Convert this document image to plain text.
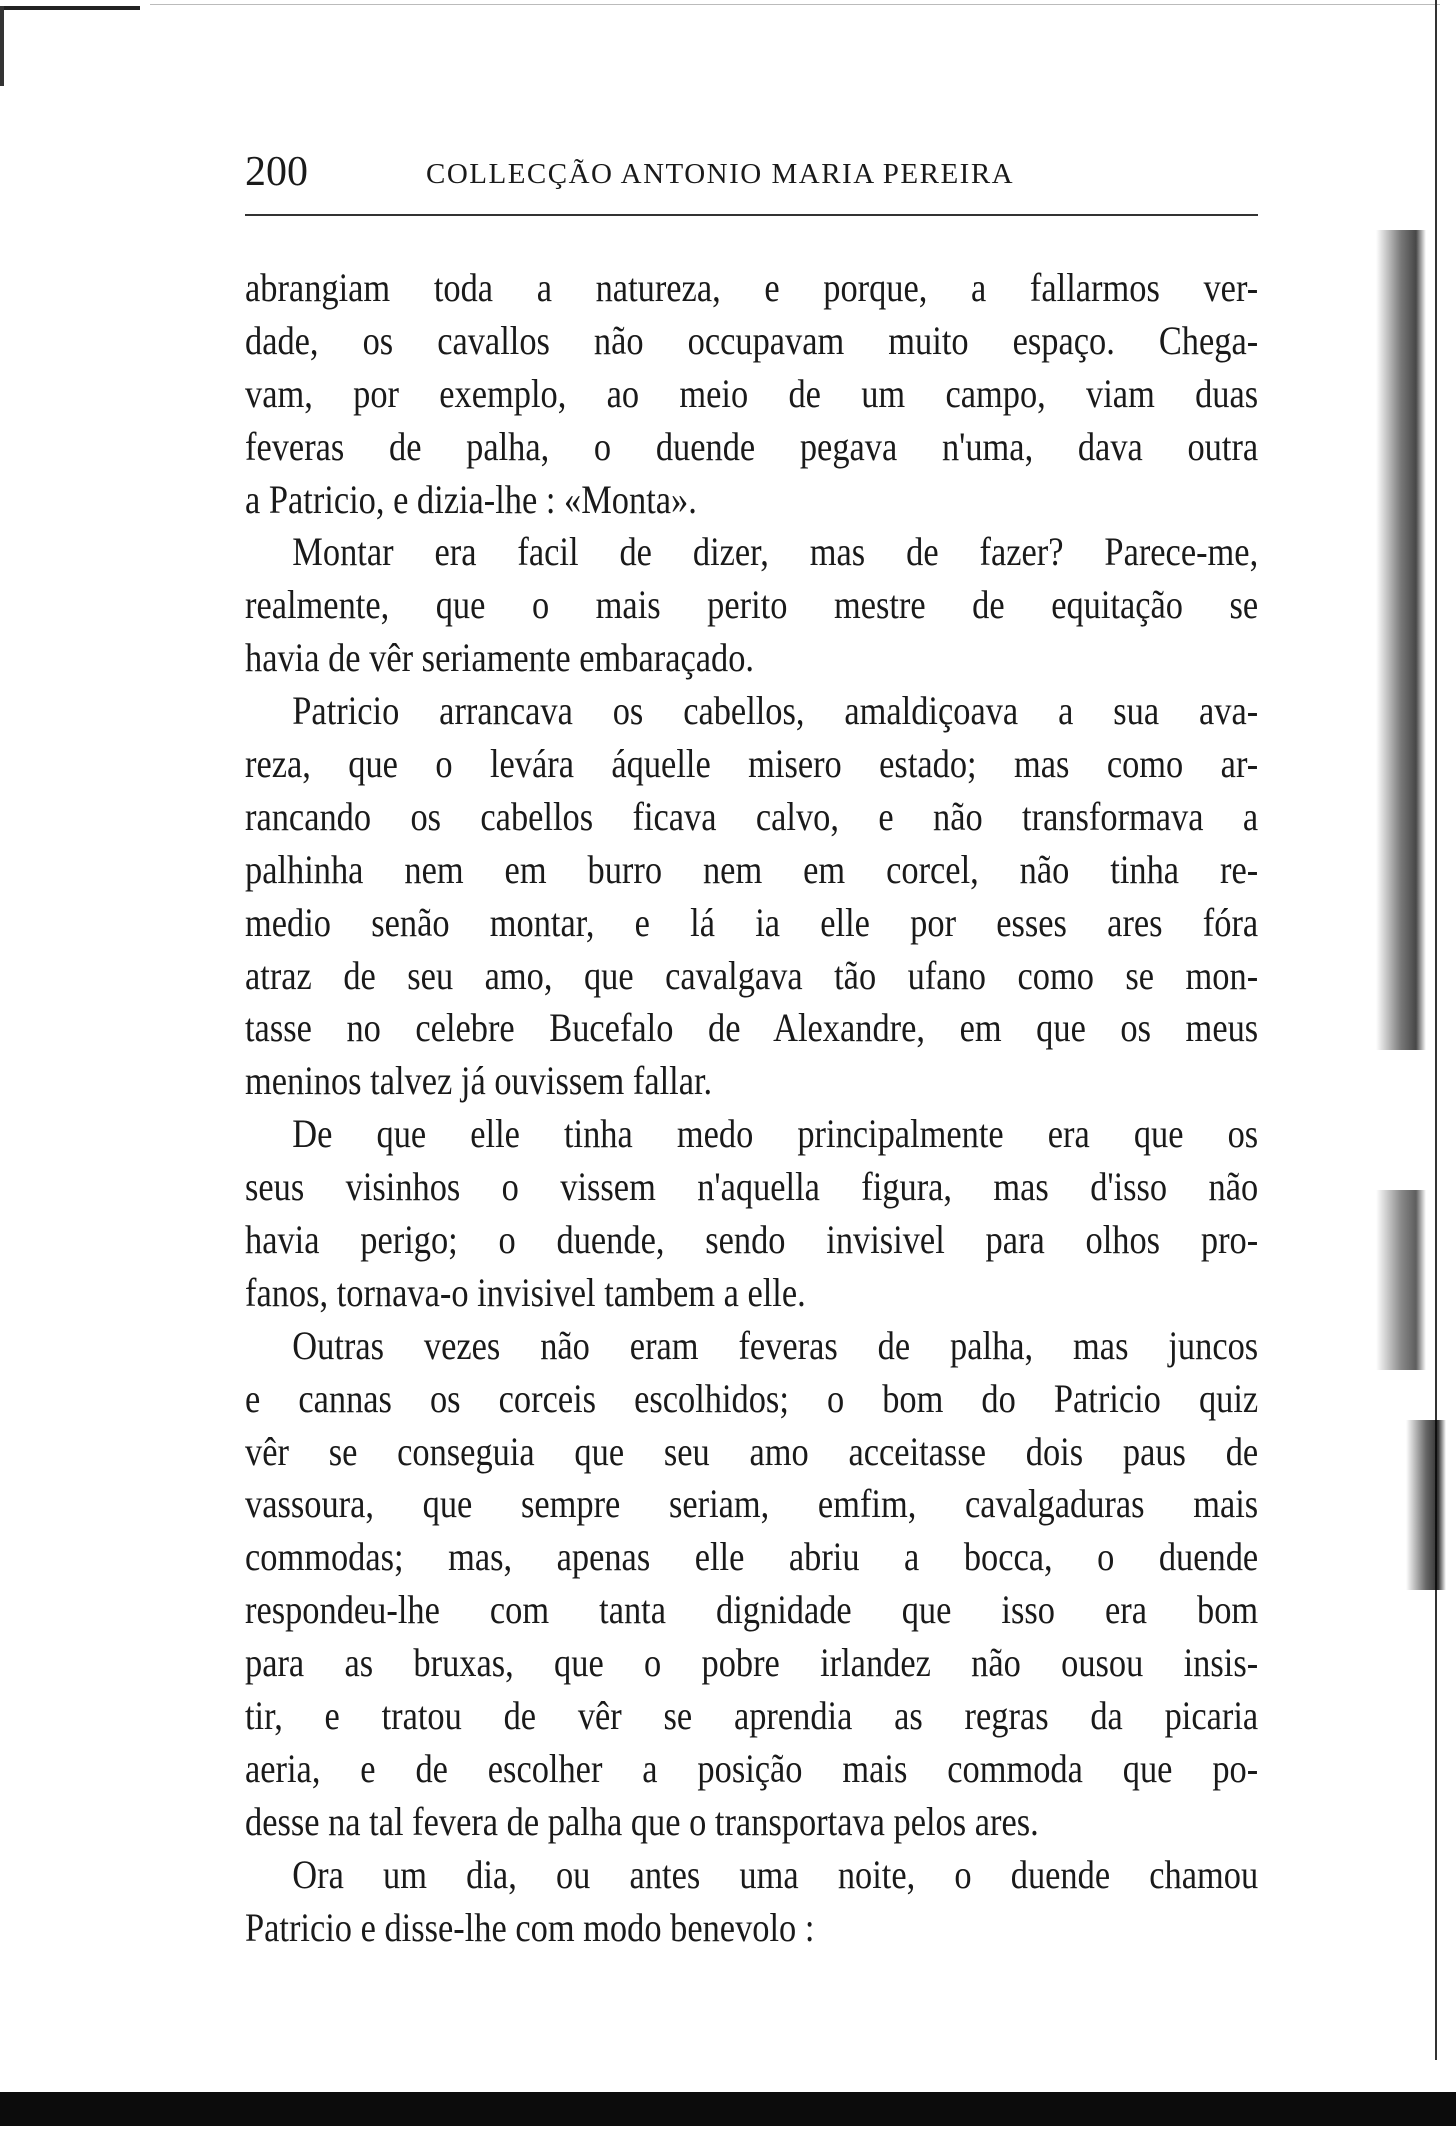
200	COLLECÇÃO ANTONIO MARIA PEREIRA
abrangiam toda a natureza, e porque, a fallarmos ver-
dade, os cavallos não occupavam muito espaço. Chega-
vam, por exemplo, ao meio de um campo, viam duas
feveras de palha, o duende pegava n'uma, dava outra
a Patricio, e dizia-lhe : «Monta».
Montar era facil de dizer, mas de fazer? Parece-me,
realmente, que o mais perito mestre de equitação se
havia de vêr seriamente embaraçado.
Patricio arrancava os cabellos, amaldiçoava a sua ava-
reza, que o levára áquelle misero estado; mas como ar-
rancando os cabellos ficava calvo, e não transformava a
palhinha nem em burro nem em corcel, não tinha re-
medio senão montar, e lá ia elle por esses ares fóra
atraz de seu amo, que cavalgava tão ufano como se mon-
tasse no celebre Bucefalo de Alexandre, em que os meus
meninos talvez já ouvissem fallar.
De que elle tinha medo principalmente era que os
seus visinhos o vissem n'aquella figura, mas d'isso não
havia perigo; o duende, sendo invisivel para olhos pro-
fanos, tornava-o invisivel tambem a elle.
Outras vezes não eram feveras de palha, mas juncos
e cannas os corceis escolhidos; o bom do Patricio quiz
vêr se conseguia que seu amo acceitasse dois paus de
vassoura, que sempre seriam, emfim, cavalgaduras mais
commodas; mas, apenas elle abriu a bocca, o duende
respondeu-lhe com tanta dignidade que isso era bom
para as bruxas, que o pobre irlandez não ousou insis-
tir, e tratou de vêr se aprendia as regras da picaria
aeria, e de escolher a posição mais commoda que po-
desse na tal fevera de palha que o transportava pelos ares.
Ora um dia, ou antes uma noite, o duende chamou
Patricio e disse-lhe com modo benevolo :
